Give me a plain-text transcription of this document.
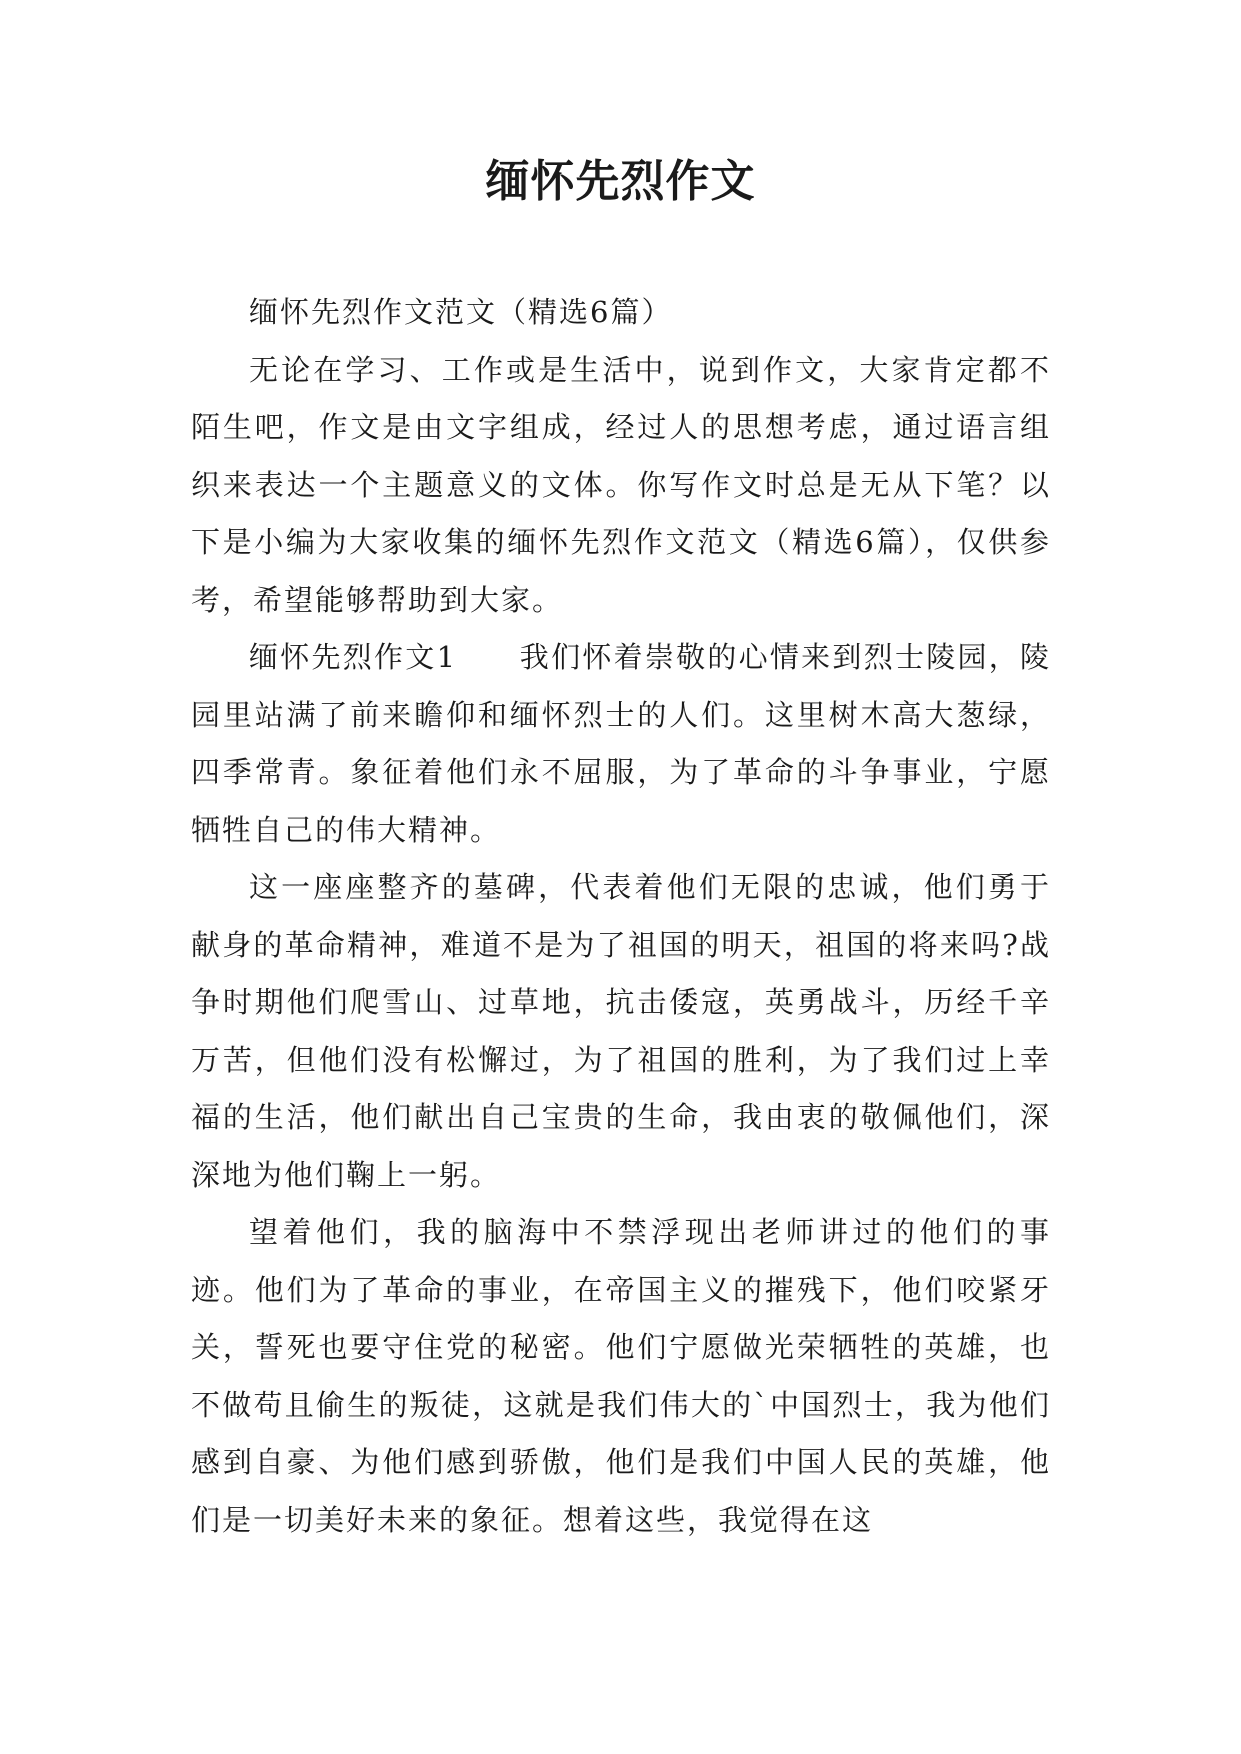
缅怀先烈作文

缅怀先烈作文范文（精选6篇）

无论在学习、工作或是生活中，说到作文，大家肯定都不陌生吧，作文是由文字组成，经过人的思想考虑，通过语言组织来表达一个主题意义的文体。你写作文时总是无从下笔？以下是小编为大家收集的缅怀先烈作文范文（精选6篇），仅供参考，希望能够帮助到大家。

缅怀先烈作文1　　我们怀着崇敬的心情来到烈士陵园，陵园里站满了前来瞻仰和缅怀烈士的人们。这里树木高大葱绿，四季常青。象征着他们永不屈服，为了革命的斗争事业，宁愿牺牲自己的伟大精神。

这一座座整齐的墓碑，代表着他们无限的忠诚，他们勇于献身的革命精神，难道不是为了祖国的明天，祖国的将来吗?战争时期他们爬雪山、过草地，抗击倭寇，英勇战斗，历经千辛万苦，但他们没有松懈过，为了祖国的胜利，为了我们过上幸福的生活，他们献出自己宝贵的生命，我由衷的敬佩他们，深深地为他们鞠上一躬。

望着他们，我的脑海中不禁浮现出老师讲过的他们的事迹。他们为了革命的事业，在帝国主义的摧残下，他们咬紧牙关，誓死也要守住党的秘密。他们宁愿做光荣牺牲的英雄，也不做苟且偷生的叛徒，这就是我们伟大的`中国烈士，我为他们感到自豪、为他们感到骄傲，他们是我们中国人民的英雄，他们是一切美好未来的象征。想着这些，我觉得在这
